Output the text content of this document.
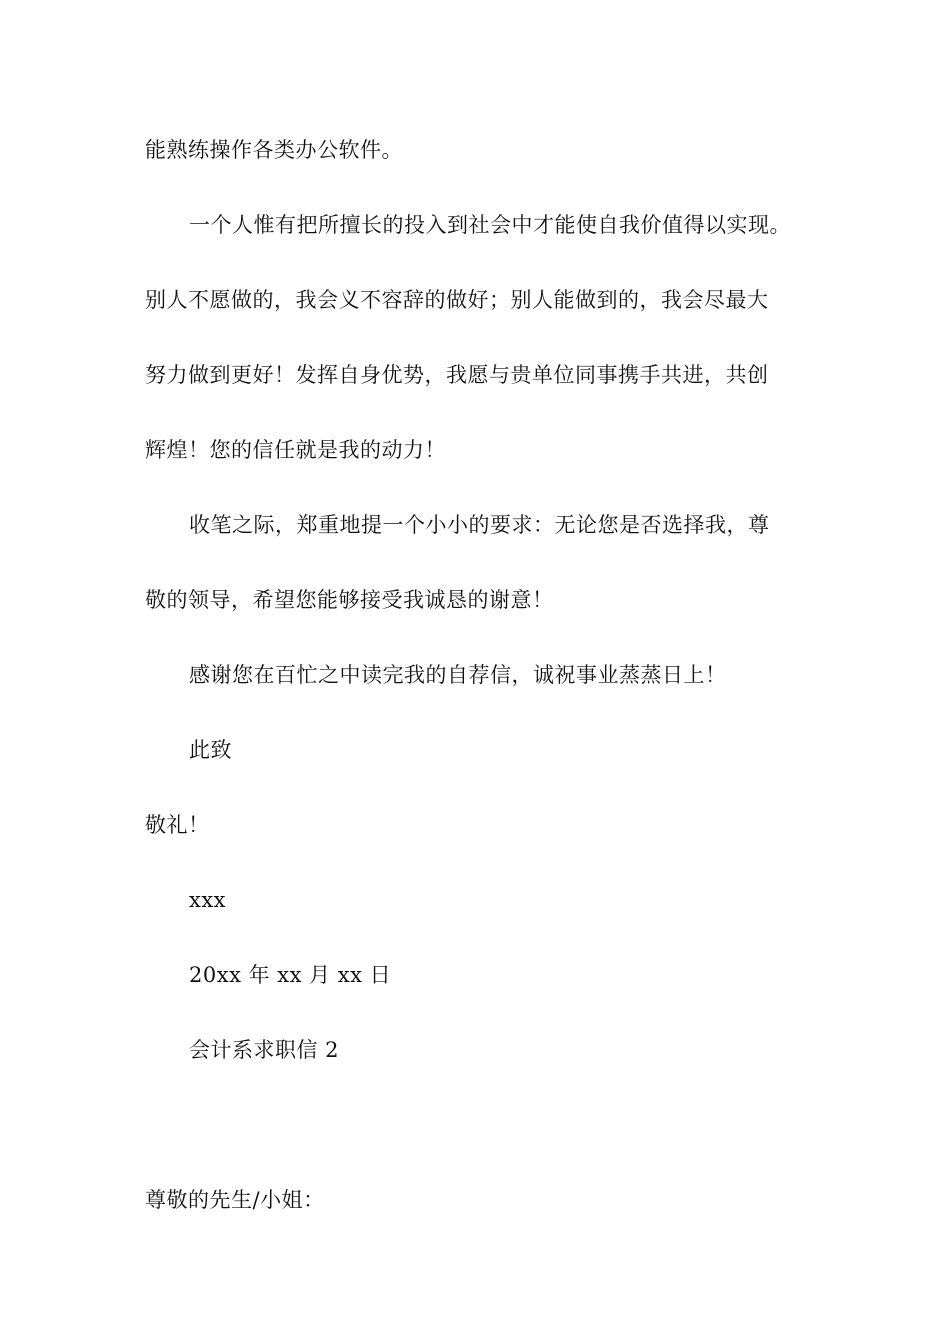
能熟练操作各类办公软件。
一个人惟有把所擅长的投入到社会中才能使自我价值得以实现。
别人不愿做的，我会义不容辞的做好；别人能做到的，我会尽最大
努力做到更好！发挥自身优势，我愿与贵单位同事携手共进，共创
辉煌！您的信任就是我的动力！
收笔之际，郑重地提一个小小的要求：无论您是否选择我，尊
敬的领导，希望您能够接受我诚恳的谢意！
感谢您在百忙之中读完我的自荐信，诚祝事业蒸蒸日上！
此致
敬礼！
xxx
20xx 年 xx 月 xx 日
会计系求职信 2
尊敬的先生/小姐：
